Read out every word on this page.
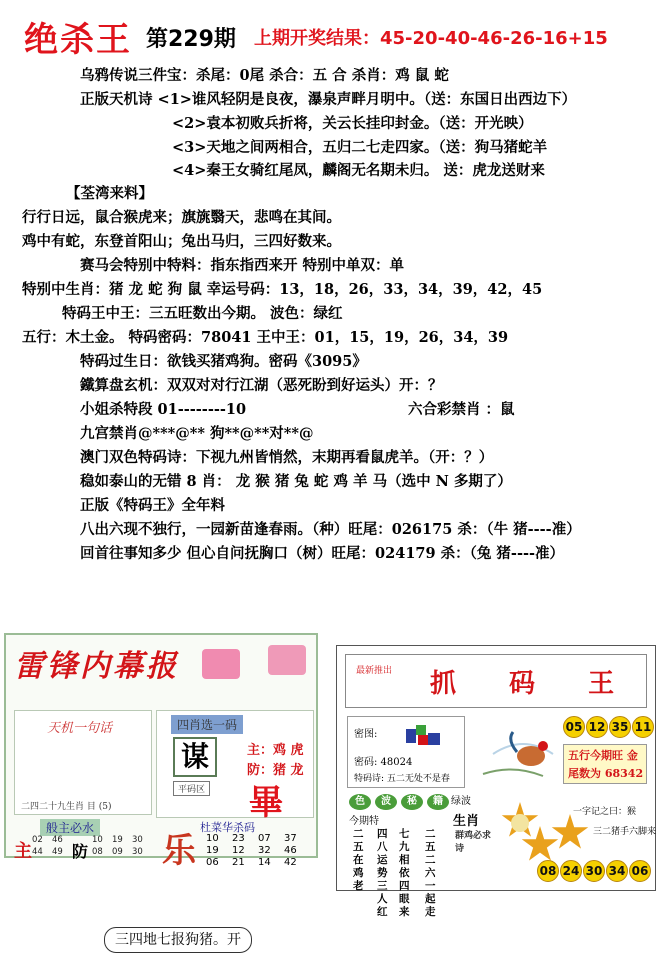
绝杀王 第229期 上期开奖结果：45-20-40-46-26-16+15
乌鸦传说三件宝：杀尾：0尾 杀合：五 合 杀肖：鸡 鼠 蛇
正版天机诗 <1>谁风轻阴是良夜，瀑泉声畔月明中。（送：东国日出西边下）
<2>袁本初败兵折将，关云长挂印封金。（送：开光映）
<3>天地之间两相合，五归二七走四家。（送：狗马猪蛇羊
<4>秦王女骑红尾凤，麟阁无名期未归。 送：虎龙送财来
【荃湾来料】
行行日远，鼠合猴虎来；旗旐翳天，悲鸣在其间。
鸡中有蛇，东登首阳山；兔出马归，三四好数来。
赛马会特别中特料：指东指西来开 特别中单双：单
特别中生肖：猪 龙 蛇 狗 鼠 幸运号码：13，18，26，33，34，39，42，45
特码王中王：三五旺数出今期。 波色：绿红
五行：木土金。 特码密码：78041 王中王：01，15，19，26，34，39
特码过生日：欲钱买猪鸡狗。密码《3095》
鐵算盘玄机：双双对对行江湖（恶死盼到好运头）开：？
小姐杀特段 01--------10	六合彩禁肖 ：鼠
九宫禁肖@***@** 狗**@**对**@
澳门双色特码诗：下视九州皆悄然，末期再看鼠虎羊。（开：？）
稳如泰山的无错 8 肖： 龙 猴 猪 兔 蛇 鸡 羊 马（选中 N 多期了）
正版《特码王》全年料
八出六现不独行，一园新苗逢春雨。（种）旺尾：026175 杀：（牛 猪----准）
回首往事知多少 但心自问抚胸口（树）旺尾：024179 杀：（兔 猪----准）
雷锋内幕报
天机一句话
二四二十九生肖 目 (5)
四肖选一码
谋	主：鸡 虎
防：猪 龙
平码区 畢
般主必水
主	防
02 46	10 19 30
44 49	08 09 30 乐
杜菜华杀码
10 23 07 37
19 12 32 46
06 21 14 42
最新推出 抓 码 王
密图:
密码: 48024
特码诗: 五二无处不是春
05 12 35 11
五行今期旺 金
尾数为 68342
色	波	秘	籍 绿波
今期特
二五在鸡老
四八运势三人红
七九相依四眼来
二五二六一起走
生肖
群鸡必求诗
一字记之曰：猴
三二猪手六脚来
08 24 30 34 06
三四地七报狗猪。开
